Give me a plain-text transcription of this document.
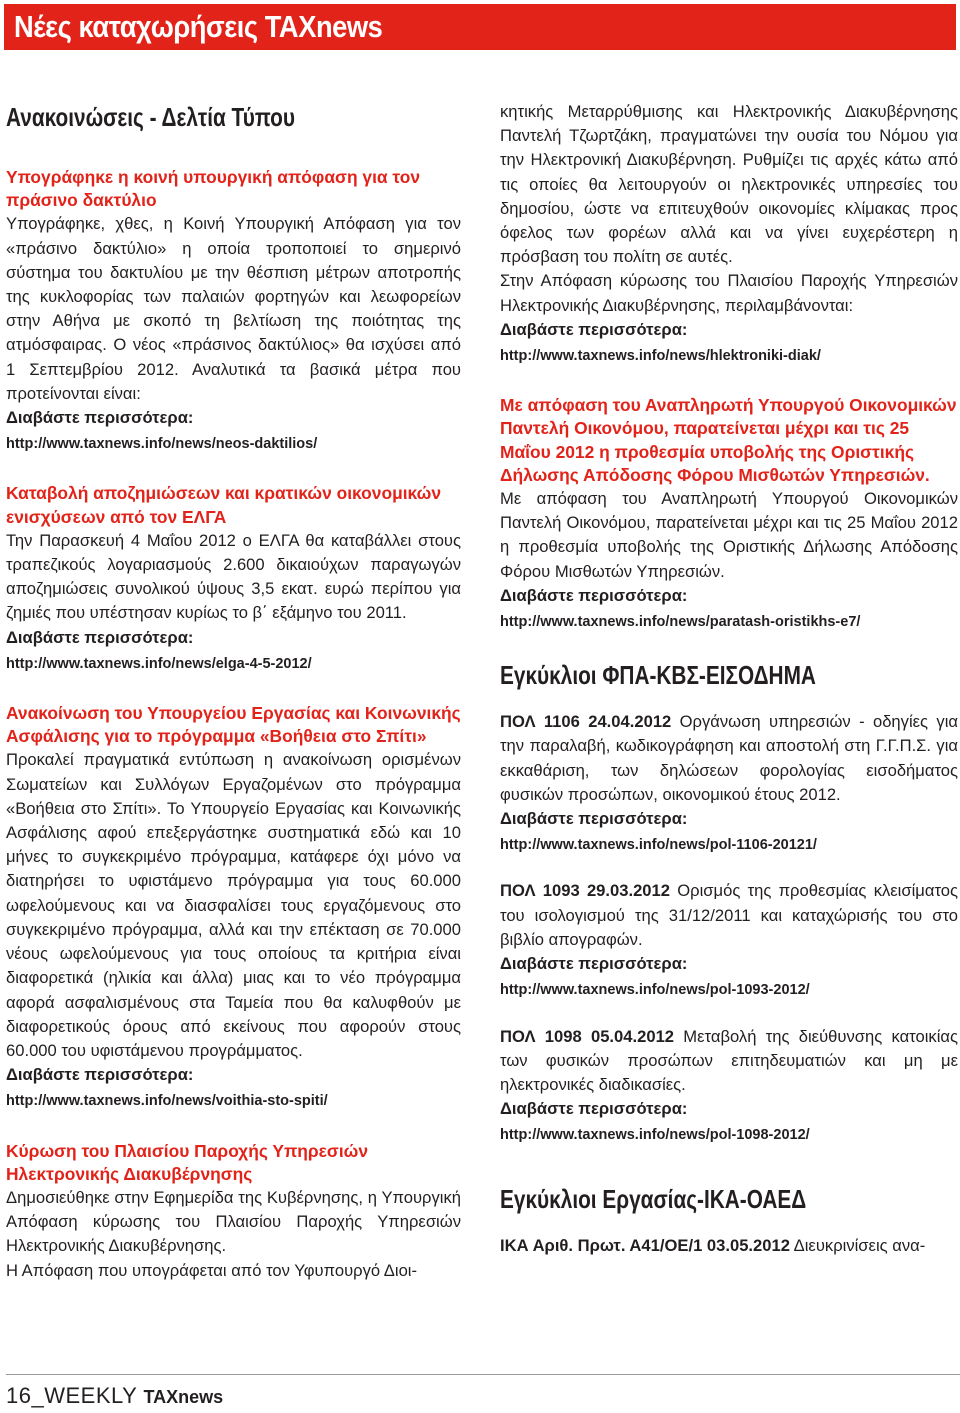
Νέες καταχωρήσεις TAXnews
Ανακοινώσεις - Δελτία Τύπου
Υπογράφηκε η κοινή υπουργική απόφαση για τον πράσινο δακτύλιο

Υπογράφηκε, χθες, η Κοινή Υπουργική Απόφαση για τον «πράσινο δακτύλιο» η οποία τροποποιεί το σημερινό σύστημα του δακτυλίου με την θέσπιση μέτρων αποτροπής της κυκλοφορίας των παλαιών φορτηγών και λεωφορείων στην Αθήνα με σκοπό τη βελτίωση της ποιότητας της ατμόσφαιρας. Ο νέος «πράσινος δακτύλιος» θα ισχύσει από 1 Σεπτεμβρίου 2012. Αναλυτικά τα βασικά μέτρα που προτείνονται είναι:

Διαβάστε περισσότερα:
http://www.taxnews.info/news/neos-daktilios/
Καταβολή αποζημιώσεων και κρατικών οικονομικών ενισχύσεων από τον ΕΛΓΑ

Την Παρασκευή 4 Μαΐου 2012 ο ΕΛΓΑ θα καταβάλλει στους τραπεζικούς λογαριασμούς 2.600 δικαιούχων παραγωγών αποζημιώσεις συνολικού ύψους 3,5 εκατ. ευρώ περίπου για ζημιές που υπέστησαν κυρίως το β΄ εξάμηνο του 2011.

Διαβάστε περισσότερα:
http://www.taxnews.info/news/elga-4-5-2012/
Ανακοίνωση του Υπουργείου Εργασίας και Κοινωνικής Ασφάλισης για το πρόγραμμα «Βοήθεια στο Σπίτι»

Προκαλεί πραγματικά εντύπωση η ανακοίνωση ορισμένων Σωματείων και Συλλόγων Εργαζομένων στο πρόγραμμα «Βοήθεια στο Σπίτι». Το Υπουργείο Εργασίας και Κοινωνικής Ασφάλισης αφού επεξεργάστηκε συστηματικά εδώ και 10 μήνες το συγκεκριμένο πρόγραμμα, κατάφερε όχι μόνο να διατηρήσει το υφιστάμενο πρόγραμμα για τους 60.000 ωφελούμενους και να διασφαλίσει τους εργαζόμενους στο συγκεκριμένο πρόγραμμα, αλλά και την επέκταση σε 70.000 νέους ωφελούμενους για τους οποίους τα κριτήρια είναι διαφορετικά (ηλικία και άλλα) μιας και το νέο πρόγραμμα αφορά ασφαλισμένους στα Ταμεία που θα καλυφθούν με διαφορετικούς όρους από εκείνους που αφορούν στους 60.000 του υφιστάμενου προγράμματος.

Διαβάστε περισσότερα:
http://www.taxnews.info/news/voithia-sto-spiti/
Κύρωση του Πλαισίου Παροχής Υπηρεσιών Ηλεκτρονικής Διακυβέρνησης

Δημοσιεύθηκε στην Εφημερίδα της Κυβέρνησης, η Υπουργική Απόφαση κύρωσης του Πλαισίου Παροχής Υπηρεσιών Ηλεκτρονικής Διακυβέρνησης.

Η Απόφαση που υπογράφεται από τον Υφυπουργό Διοι-

κητικής Μεταρρύθμισης και Ηλεκτρονικής Διακυβέρνησης Παντελή Τζωρτζάκη, πραγματώνει την ουσία του Νόμου για την Ηλεκτρονική Διακυβέρνηση. Ρυθμίζει τις αρχές κάτω από τις οποίες θα λειτουργούν οι ηλεκτρονικές υπηρεσίες του δημοσίου, ώστε να επιτευχθούν οικονομίες κλίμακας προς όφελος των φορέων αλλά και να γίνει ευχερέστερη η πρόσβαση του πολίτη σε αυτές.

Στην Απόφαση κύρωσης του Πλαισίου Παροχής Υπηρεσιών Ηλεκτρονικής Διακυβέρνησης, περιλαμβάνονται:

Διαβάστε περισσότερα:
http://www.taxnews.info/news/hlektroniki-diak/
Με απόφαση του Αναπληρωτή Υπουργού Οικονομικών Παντελή Οικονόμου, παρατείνεται μέχρι και τις 25 Μαΐου 2012 η προθεσμία υποβολής της Οριστικής Δήλωσης Απόδοσης Φόρου Μισθωτών Υπηρεσιών.

Με απόφαση του Αναπληρωτή Υπουργού Οικονομικών Παντελή Οικονόμου, παρατείνεται μέχρι και τις 25 Μαΐου 2012 η προθεσμία υποβολής της Οριστικής Δήλωσης Απόδοσης Φόρου Μισθωτών Υπηρεσιών.

Διαβάστε περισσότερα:
http://www.taxnews.info/news/paratash-oristikhs-e7/
Εγκύκλιοι ΦΠΑ-ΚΒΣ-ΕΙΣΟΔΗΜΑ

ΠΟΛ 1106 24.04.2012 Οργάνωση υπηρεσιών - οδηγίες για την παραλαβή, κωδικογράφηση και αποστολή στη Γ.Γ.Π.Σ. για εκκαθάριση, των δηλώσεων φορολογίας εισοδήματος φυσικών προσώπων, οικονομικού έτους 2012.

Διαβάστε περισσότερα:
http://www.taxnews.info/news/pol-1106-20121/

ΠΟΛ 1093 29.03.2012 Ορισμός της προθεσμίας κλεισίματος του ισολογισμού της 31/12/2011 και καταχώρισής του στο βιβλίο απογραφών.

Διαβάστε περισσότερα:
http://www.taxnews.info/news/pol-1093-2012/

ΠΟΛ 1098 05.04.2012 Μεταβολή της διεύθυνσης κατοικίας των φυσικών προσώπων επιτηδευματιών και μη με ηλεκτρονικές διαδικασίες.

Διαβάστε περισσότερα:
http://www.taxnews.info/news/pol-1098-2012/
Εγκύκλιοι Εργασίας-ΙΚΑ-ΟΑΕΔ

ΙΚΑ Αριθ. Πρωτ. Α41/ΟΕ/1 03.05.2012 Διευκρινίσεις ανα-

16_WEEKLY TAXnews
